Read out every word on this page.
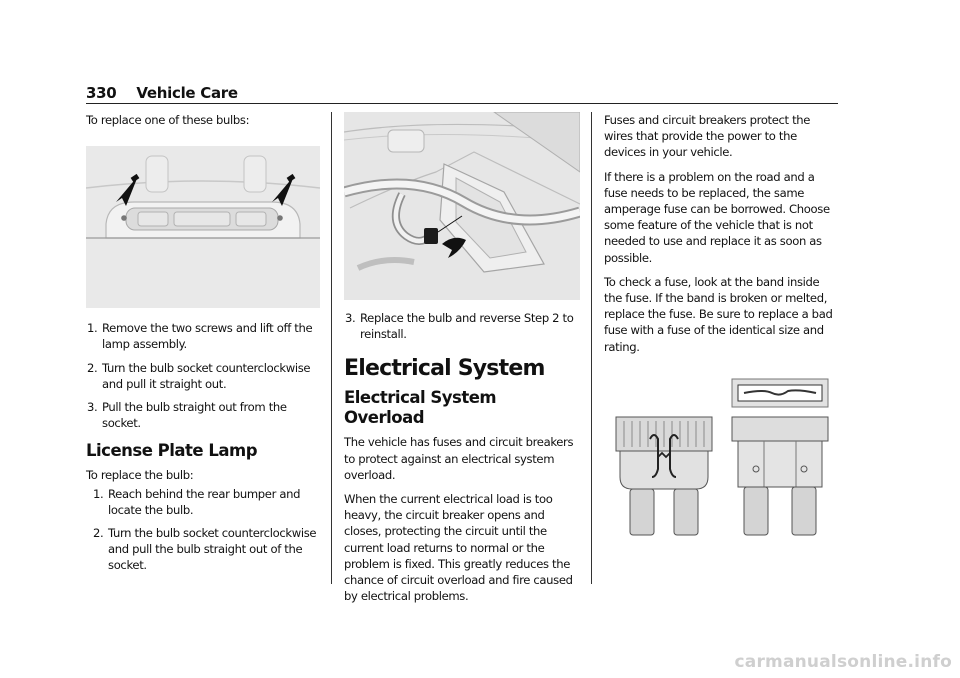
330 Vehicle Care

To replace one of these bulbs:

1. Remove the two screws and lift off the lamp assembly.
2. Turn the bulb socket counterclockwise and pull it straight out.
3. Pull the bulb straight out from the socket.
License Plate Lamp

To replace the bulb:

1. Reach behind the rear bumper and locate the bulb.
2. Turn the bulb socket counterclockwise and pull the bulb straight out of the socket.
3. Replace the bulb and reverse Step 2 to reinstall.
Electrical System
Electrical System Overload

The vehicle has fuses and circuit breakers to protect against an electrical system overload.

When the current electrical load is too heavy, the circuit breaker opens and closes, protecting the circuit until the current load returns to normal or the problem is fixed. This greatly reduces the chance of circuit overload and fire caused by electrical problems.

Fuses and circuit breakers protect the wires that provide the power to the devices in your vehicle.

If there is a problem on the road and a fuse needs to be replaced, the same amperage fuse can be borrowed. Choose some feature of the vehicle that is not needed to use and replace it as soon as possible.

To check a fuse, look at the band inside the fuse. If the band is broken or melted, replace the fuse. Be sure to replace a bad fuse with a fuse of the identical size and rating.

carmanualsonline.info
